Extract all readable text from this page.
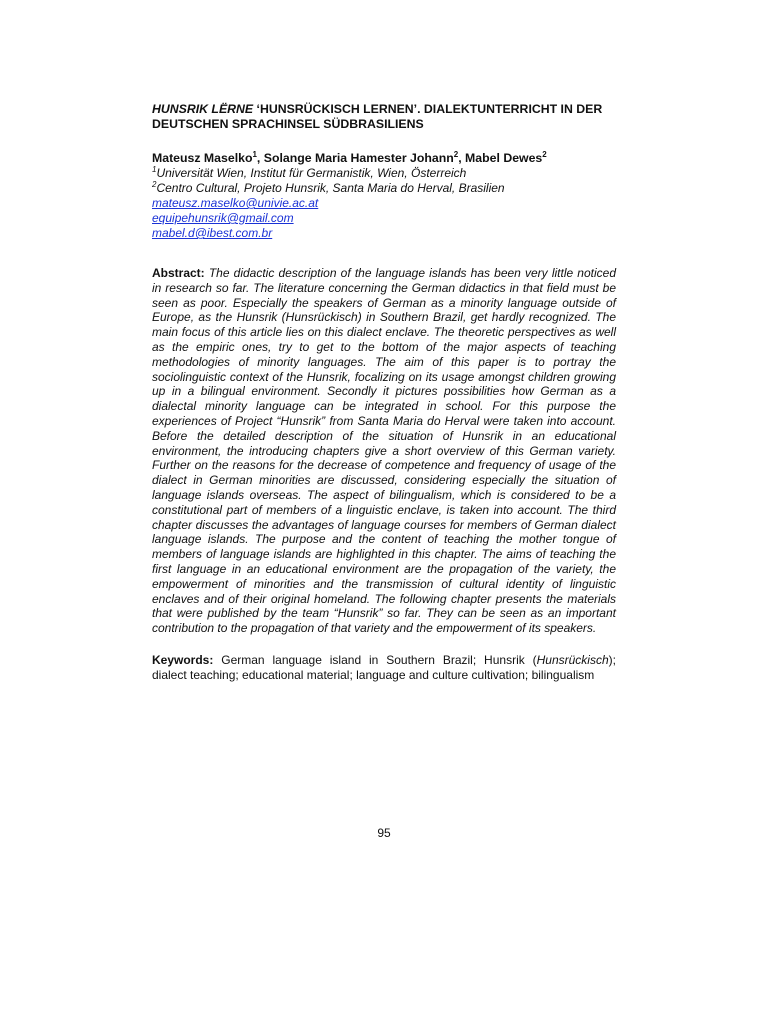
HUNSRIK LËRNE ‘HUNSRÜCKISCH LERNEN’. DIALEKTUNTERRICHT IN DER DEUTSCHEN SPRACHINSEL SÜDBRASILIENS

Mateusz Maselko$^1$, Solange Maria Hamester Johann$^2$, Mabel Dewes$^2$
$^1$Universität Wien, Institut für Germanistik, Wien, Österreich
$^2$Centro Cultural, Projeto Hunsrik, Santa Maria do Herval, Brasilien
mateusz.maselko@univie.ac.at
equipehunsrik@gmail.com
mabel.d@ibest.com.br
Abstract: The didactic description of the language islands has been very little noticed in research so far. The literature concerning the German didactics in that field must be seen as poor. Especially the speakers of German as a minority language outside of Europe, as the Hunsrik (Hunsrückisch) in Southern Brazil, get hardly recognized. The main focus of this article lies on this dialect enclave. The theoretic perspectives as well as the empiric ones, try to get to the bottom of the major aspects of teaching methodologies of minority languages. The aim of this paper is to portray the sociolinguistic context of the Hunsrik, focalizing on its usage amongst children growing up in a bilingual environment. Secondly it pictures possibilities how German as a dialectal minority language can be integrated in school. For this purpose the experiences of Project “Hunsrik” from Santa Maria do Herval were taken into account. Before the detailed description of the situation of Hunsrik in an educational environment, the introducing chapters give a short overview of this German variety. Further on the reasons for the decrease of competence and frequency of usage of the dialect in German minorities are discussed, considering especially the situation of language islands overseas. The aspect of bilingualism, which is considered to be a constitutional part of members of a linguistic enclave, is taken into account. The third chapter discusses the advantages of language courses for members of German dialect language islands. The purpose and the content of teaching the mother tongue of members of language islands are highlighted in this chapter. The aims of teaching the first language in an educational environment are the propagation of the variety, the empowerment of minorities and the transmission of cultural identity of linguistic enclaves and of their original homeland. The following chapter presents the materials that were published by the team “Hunsrik” so far. They can be seen as an important contribution to the propagation of that variety and the empowerment of its speakers.
Keywords: German language island in Southern Brazil; Hunsrik (Hunsrückisch); dialect teaching; educational material; language and culture cultivation; bilingualism
95
